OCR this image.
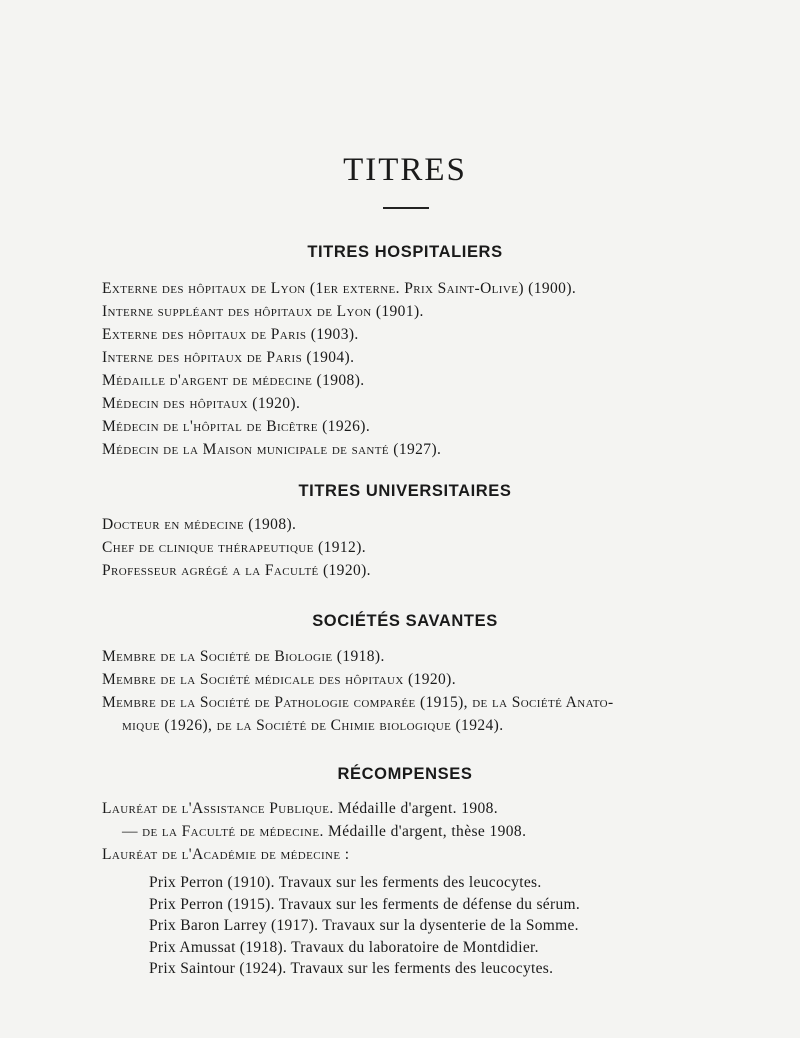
TITRES
TITRES HOSPITALIERS
Externe des hôpitaux de Lyon (1er externe. Prix Saint-Olive) (1900).
Interne suppléant des hôpitaux de Lyon (1901).
Externe des hôpitaux de Paris (1903).
Interne des hôpitaux de Paris (1904).
Médaille d'argent de médecine (1908).
Médecin des hôpitaux (1920).
Médecin de l'hôpital de Bicêtre (1926).
Médecin de la Maison municipale de santé (1927).
TITRES UNIVERSITAIRES
Docteur en médecine (1908).
Chef de clinique thérapeutique (1912).
Professeur agrégé a la Faculté (1920).
SOCIÉTÉS SAVANTES
Membre de la Société de Biologie (1918).
Membre de la Société médicale des hôpitaux (1920).
Membre de la Société de Pathologie comparée (1915), de la Société Anato-
mique (1926), de la Société de Chimie biologique (1924).
RÉCOMPENSES
Lauréat de l'Assistance Publique. Médaille d'argent. 1908.
— de la Faculté de médecine. Médaille d'argent, thèse 1908.
Lauréat de l'Académie de médecine :
Prix Perron (1910). Travaux sur les ferments des leucocytes.
Prix Perron (1915). Travaux sur les ferments de défense du sérum.
Prix Baron Larrey (1917). Travaux sur la dysenterie de la Somme.
Prix Amussat (1918). Travaux du laboratoire de Montdidier.
Prix Saintour (1924). Travaux sur les ferments des leucocytes.
